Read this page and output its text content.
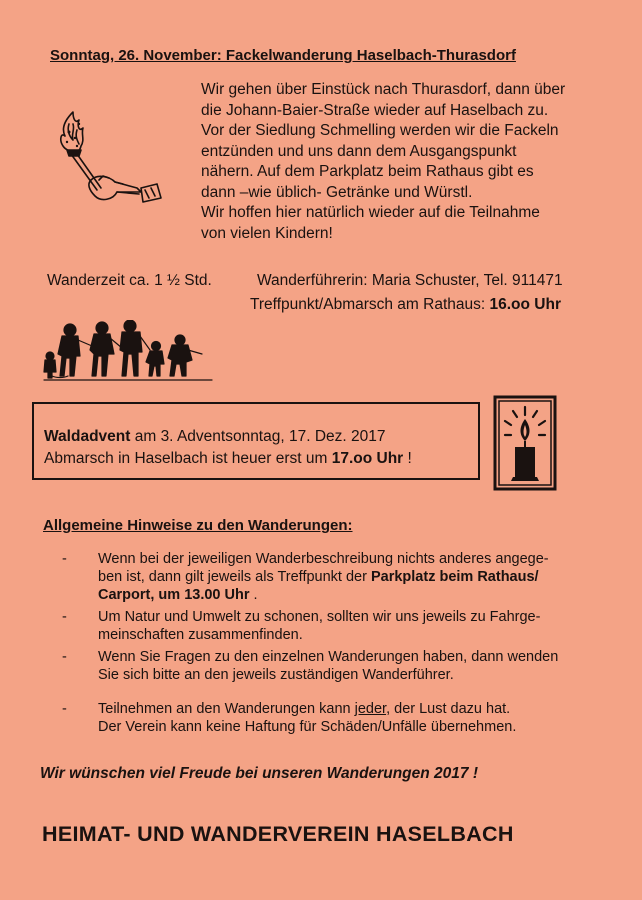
Sonntag, 26. November: Fackelwanderung Haselbach-Thurasdorf
Wir gehen über Einstück nach Thurasdorf, dann über
die Johann-Baier-Straße wieder auf Haselbach zu.
Vor der Siedlung Schmelling werden wir die Fackeln
entzünden und uns dann dem Ausgangspunkt
nähern. Auf dem Parkplatz beim Rathaus gibt es
dann –wie üblich- Getränke und Würstl.
Wir hoffen hier natürlich wieder auf die Teilnahme
von vielen Kindern!
Wanderzeit ca. 1 ½ Std.	Wanderführerin: Maria Schuster, Tel. 911471
Treffpunkt/Abmarsch am Rathaus: 16.oo Uhr
Waldadvent am 3. Adventsonntag, 17. Dez. 2017
Abmarsch in Haselbach ist heuer erst um 17.oo Uhr !
Allgemeine Hinweise zu den Wanderungen:
- Wenn bei der jeweiligen Wanderbeschreibung nichts anderes angege-
ben ist, dann gilt jeweils als Treffpunkt der Parkplatz beim Rathaus/
Carport, um 13.00 Uhr .
- Um Natur und Umwelt zu schonen, sollten wir uns jeweils zu Fahrge-
meinschaften zusammenfinden.
- Wenn Sie Fragen zu den einzelnen Wanderungen haben, dann wenden
Sie sich bitte an den jeweils zuständigen Wanderführer.
- Teilnehmen an den Wanderungen kann jeder, der Lust dazu hat.
Der Verein kann keine Haftung für Schäden/Unfälle übernehmen.
Wir wünschen viel Freude bei unseren Wanderungen 2017 !
HEIMAT- UND WANDERVEREIN HASELBACH
